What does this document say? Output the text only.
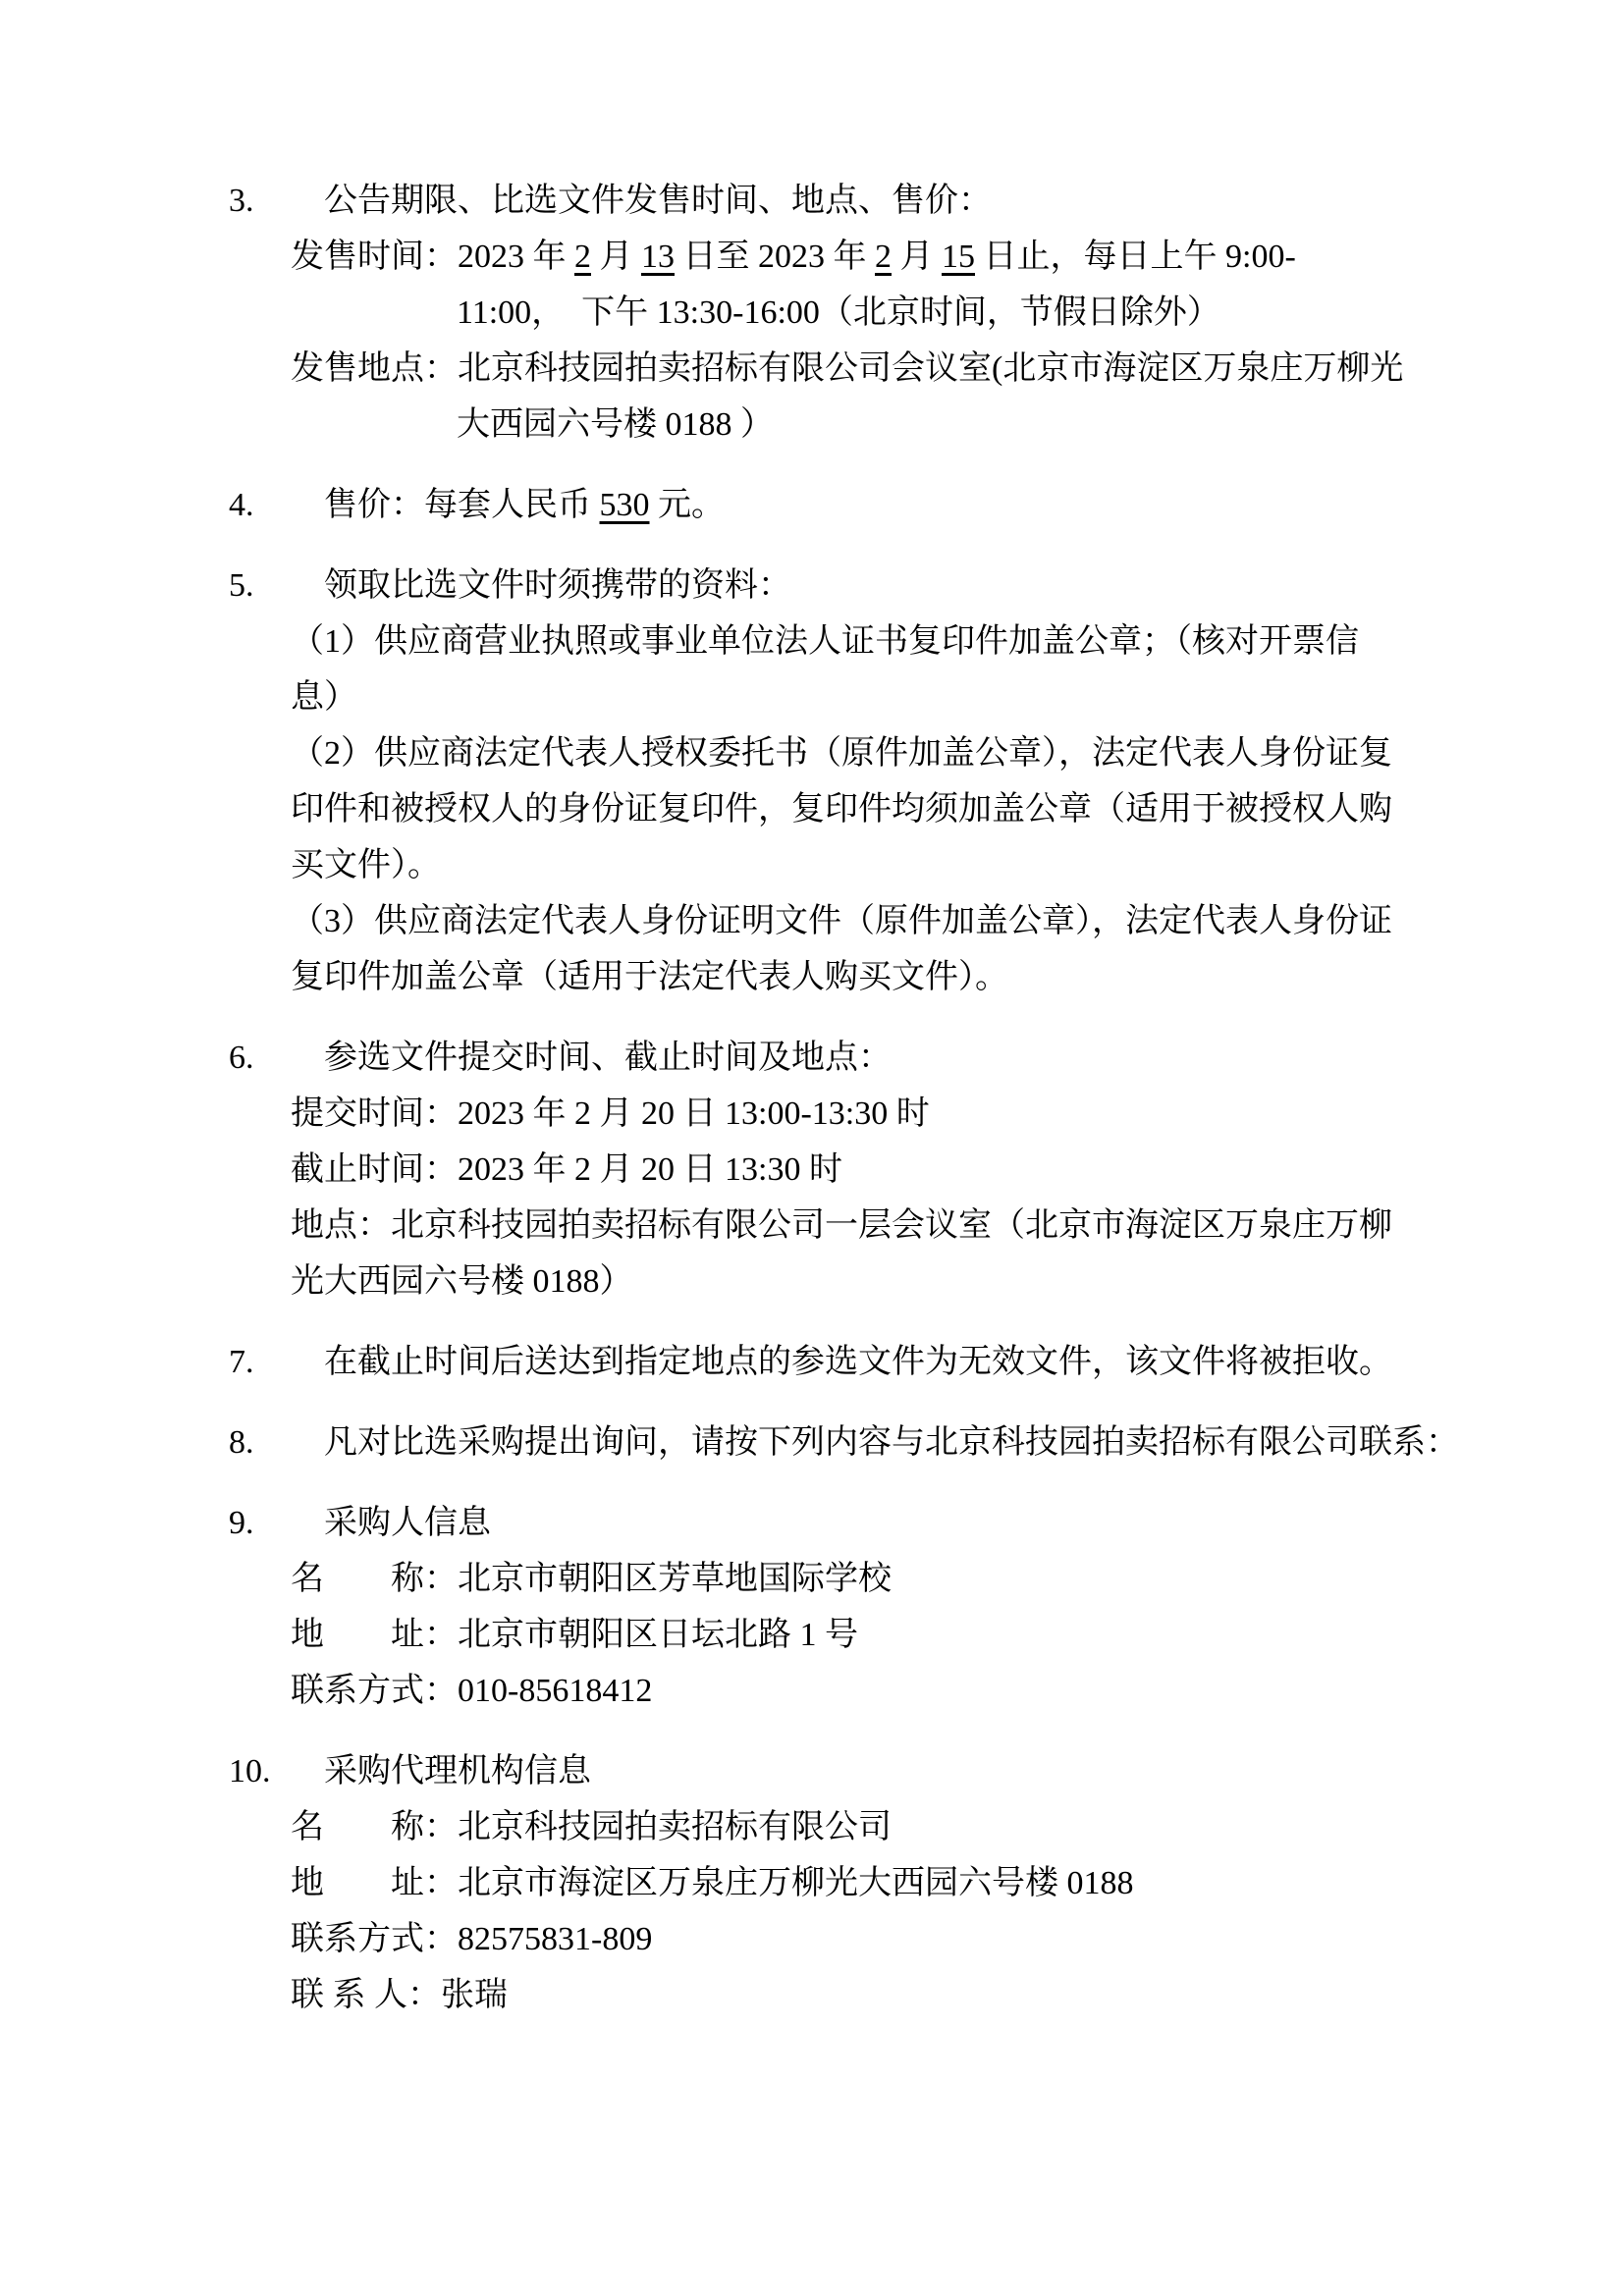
3. 公告期限、比选文件发售时间、地点、售价：
发售时间：2023 年 2 月 13 日至 2023 年 2 月 15 日止，每日上午 9:00-
11:00，　下午 13:30-16:00（北京时间，节假日除外）
发售地点：北京科技园拍卖招标有限公司会议室(北京市海淀区万泉庄万柳光
大西园六号楼 0188 ）
4. 售价：每套人民币 530 元。
5. 领取比选文件时须携带的资料：
（1）供应商营业执照或事业单位法人证书复印件加盖公章；（核对开票信
息）
（2）供应商法定代表人授权委托书（原件加盖公章），法定代表人身份证复
印件和被授权人的身份证复印件，复印件均须加盖公章（适用于被授权人购
买文件）。
（3）供应商法定代表人身份证明文件（原件加盖公章），法定代表人身份证
复印件加盖公章（适用于法定代表人购买文件）。
6. 参选文件提交时间、截止时间及地点：
提交时间：2023 年 2 月 20 日 13:00-13:30 时
截止时间：2023 年 2 月 20 日 13:30 时
地点：北京科技园拍卖招标有限公司一层会议室（北京市海淀区万泉庄万柳
光大西园六号楼 0188）
7. 在截止时间后送达到指定地点的参选文件为无效文件，该文件将被拒收。
8. 凡对比选采购提出询问，请按下列内容与北京科技园拍卖招标有限公司联系：
9. 采购人信息
名　　称：北京市朝阳区芳草地国际学校
地　　址：北京市朝阳区日坛北路 1 号
联系方式：010-85618412
10. 采购代理机构信息
名　　称：北京科技园拍卖招标有限公司
地　　址：北京市海淀区万泉庄万柳光大西园六号楼 0188
联系方式：82575831-809
联 系 人：张瑞
